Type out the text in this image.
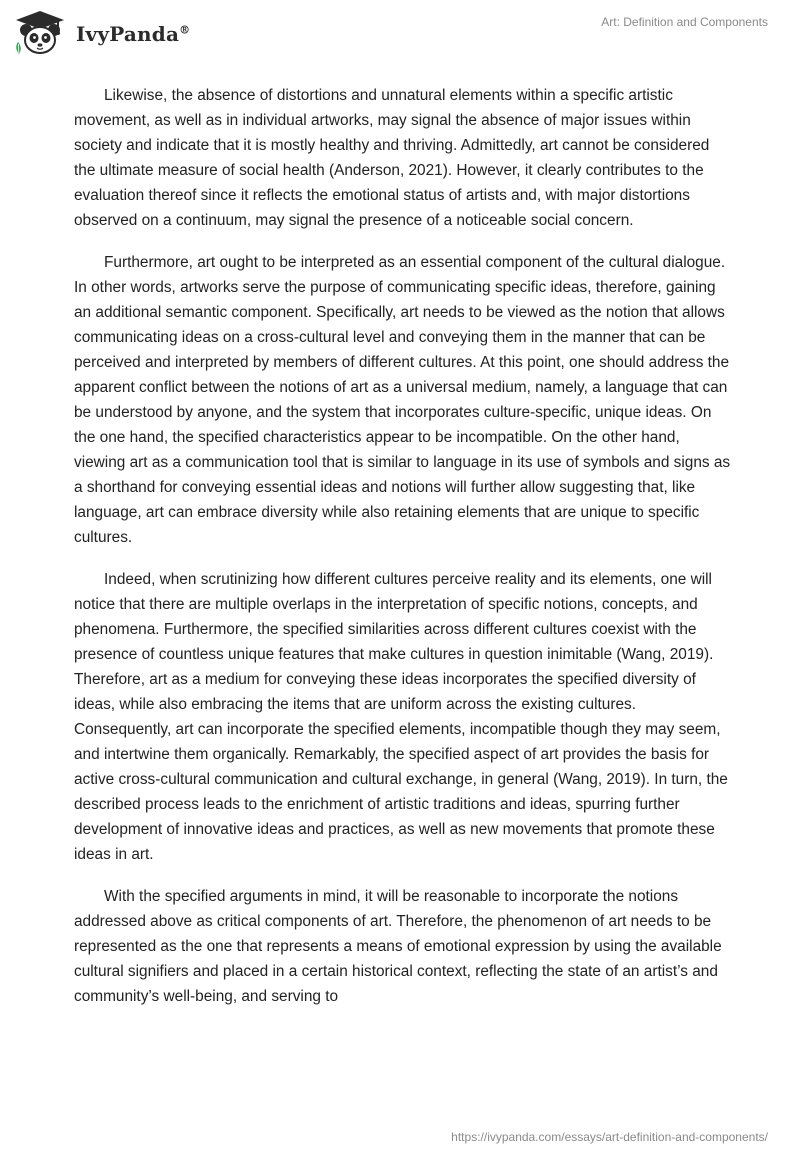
IvyPanda®
Art: Definition and Components

Likewise, the absence of distortions and unnatural elements within a specific artistic movement, as well as in individual artworks, may signal the absence of major issues within society and indicate that it is mostly healthy and thriving. Admittedly, art cannot be considered the ultimate measure of social health (Anderson, 2021). However, it clearly contributes to the evaluation thereof since it reflects the emotional status of artists and, with major distortions observed on a continuum, may signal the presence of a noticeable social concern.

Furthermore, art ought to be interpreted as an essential component of the cultural dialogue. In other words, artworks serve the purpose of communicating specific ideas, therefore, gaining an additional semantic component. Specifically, art needs to be viewed as the notion that allows communicating ideas on a cross-cultural level and conveying them in the manner that can be perceived and interpreted by members of different cultures. At this point, one should address the apparent conflict between the notions of art as a universal medium, namely, a language that can be understood by anyone, and the system that incorporates culture-specific, unique ideas. On the one hand, the specified characteristics appear to be incompatible. On the other hand, viewing art as a communication tool that is similar to language in its use of symbols and signs as a shorthand for conveying essential ideas and notions will further allow suggesting that, like language, art can embrace diversity while also retaining elements that are unique to specific cultures.

Indeed, when scrutinizing how different cultures perceive reality and its elements, one will notice that there are multiple overlaps in the interpretation of specific notions, concepts, and phenomena. Furthermore, the specified similarities across different cultures coexist with the presence of countless unique features that make cultures in question inimitable (Wang, 2019). Therefore, art as a medium for conveying these ideas incorporates the specified diversity of ideas, while also embracing the items that are uniform across the existing cultures. Consequently, art can incorporate the specified elements, incompatible though they may seem, and intertwine them organically. Remarkably, the specified aspect of art provides the basis for active cross-cultural communication and cultural exchange, in general (Wang, 2019). In turn, the described process leads to the enrichment of artistic traditions and ideas, spurring further development of innovative ideas and practices, as well as new movements that promote these ideas in art.

With the specified arguments in mind, it will be reasonable to incorporate the notions addressed above as critical components of art. Therefore, the phenomenon of art needs to be represented as the one that represents a means of emotional expression by using the available cultural signifiers and placed in a certain historical context, reflecting the state of an artist’s and community’s well-being, and serving to

https://ivypanda.com/essays/art-definition-and-components/
